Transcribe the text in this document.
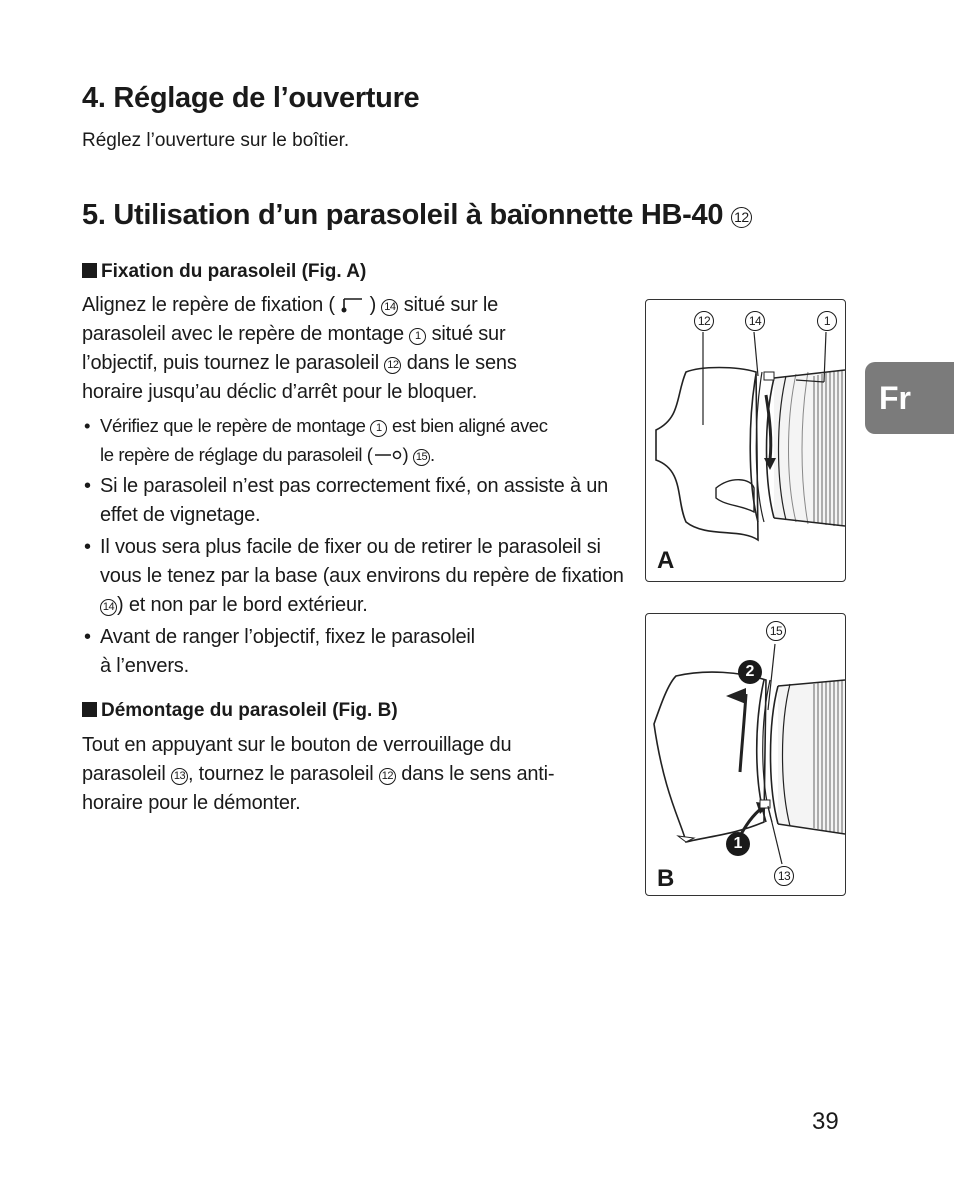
4. Réglage de l’ouverture
Réglez l’ouverture sur le boîtier.
5. Utilisation d’un parasoleil à baïonnette HB-40 12
Fixation du parasoleil (Fig. A)
Alignez le repère de fixation ( ) 14 situé sur le
parasoleil avec le repère de montage 1 situé sur
l’objectif, puis tournez le parasoleil 12 dans le sens
horaire jusqu’au déclic d’arrêt pour le bloquer.
• Vérifiez que le repère de montage 1 est bien aligné avec
le repère de réglage du parasoleil ( ) 15 .
• Si le parasoleil n’est pas correctement fixé, on assiste à un effet de vignetage.
• Il vous sera plus facile de fixer ou de retirer le parasoleil si vous le tenez par la base (aux environs du repère de fixation 14 ) et non par le bord extérieur.
• Avant de ranger l’objectif, fixez le parasoleil
à l’envers.
Démontage du parasoleil (Fig. B)
Tout en appuyant sur le bouton de verrouillage du
parasoleil 13 , tournez le parasoleil 12 dans le sens anti-
horaire pour le démonter.
12	14	1
A
15
13
2
1
B
Fr
39
